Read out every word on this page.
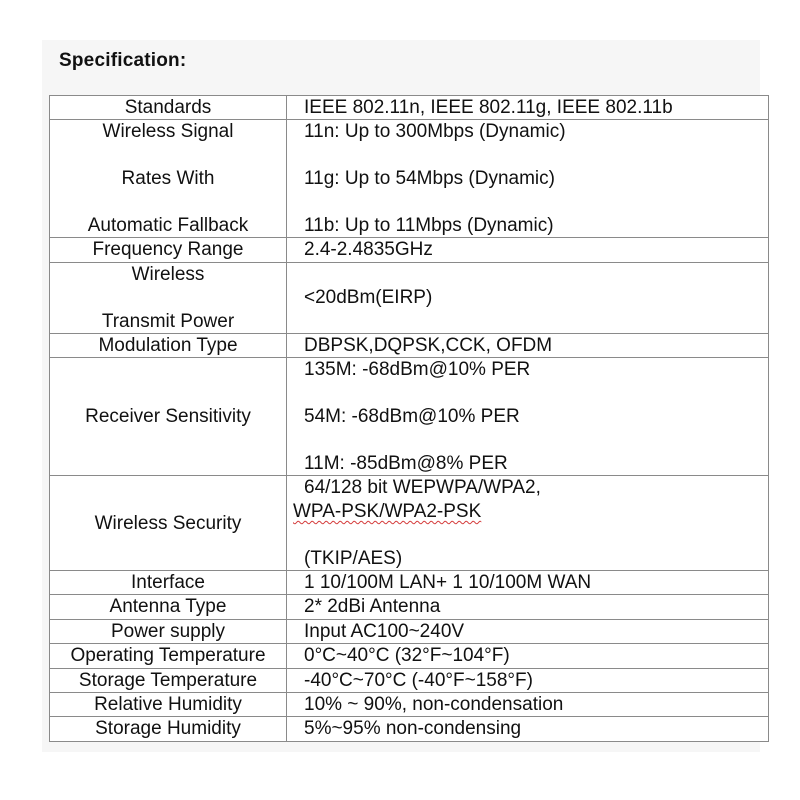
Specification:
Standards	IEEE 802.11n, IEEE 802.11g, IEEE 802.11b

Wireless Signal
Rates With
Automatic Fallback	11n: Up to 300Mbps (Dynamic)
11g: Up to 54Mbps (Dynamic)
11b: Up to 11Mbps (Dynamic)

Frequency Range	2.4-2.4835GHz

Wireless
Transmit Power	<20dBm(EIRP)
Modulation Type	DBPSK,DQPSK,CCK, OFDM
Receiver Sensitivity	135M: -68dBm@10% PER
54M: -68dBm@10% PER
11M: -85dBm@8% PER

Wireless Security	64/128 bit WEPWPA/WPA2,
WPA-PSK/WPA2-PSK
(TKIP/AES)

Interface	1 10/100M LAN+ 1 10/100M WAN
Antenna Type	2* 2dBi Antenna
Power supply	Input AC100~240V
Operating Temperature	0°C~40°C (32°F~104°F)
Storage Temperature	-40°C~70°C (-40°F~158°F)
Relative Humidity	10% ~ 90%, non-condensation
Storage Humidity	5%~95% non-condensing
